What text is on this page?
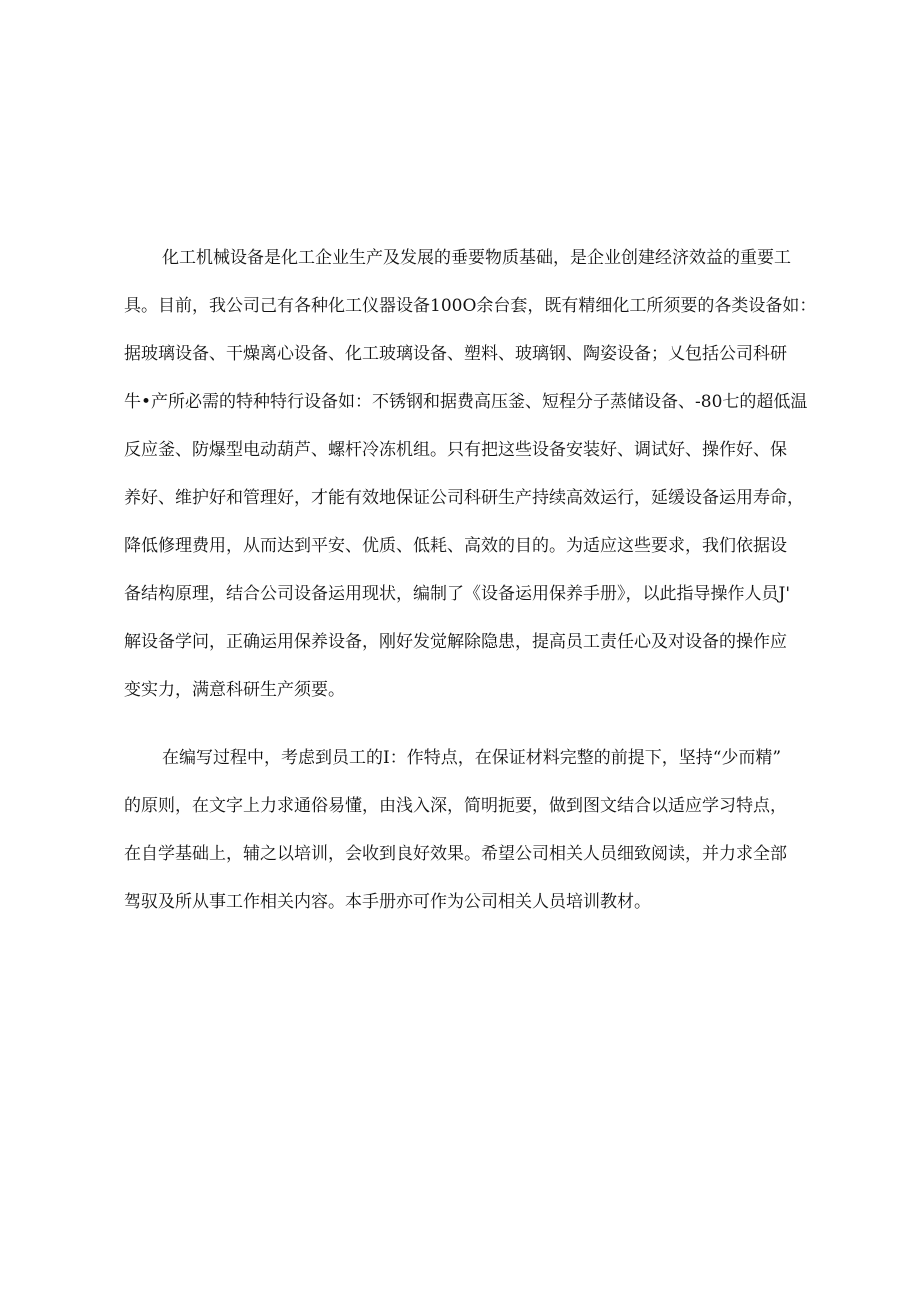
化工机械设备是化工企业生产及发展的垂要物质基础，是企业创建经济效益的重要工
具。目前，我公司己有各种化工仪器设备100O余台套，既有精细化工所须要的各类设备如：
据玻璃设备、干燥离心设备、化工玻璃设备、塑料、玻璃钢、陶姿设备；乂包括公司科研
牛•产所必需的特种特行设备如：不锈钢和据费高压釜、短程分子蒸储设备、-80七的超低温
反应釜、防爆型电动葫芦、螺杆冷冻机组。只有把这些设备安装好、调试好、操作好、保
养好、维护好和管理好，才能有效地保证公司科研生产持续高效运行，延缓设备运用寿命，
降低修理费用，从而达到平安、优质、低耗、高效的目的。为适应这些要求，我们依据设
备结构原理，结合公司设备运用现状，编制了《设备运用保养手册》，以此指导操作人员J'
解设备学问，正确运用保养设备，刚好发觉解除隐患，提高员工责任心及对设备的操作应
变实力，满意科研生产须要。
在编写过程中，考虑到员工的I：作特点，在保证材料完整的前提下，坚持“少而精”
的原则，在文字上力求通俗易懂，由浅入深，简明扼要，做到图文结合以适应学习特点，
在自学基础上，辅之以培训，会收到良好效果。希望公司相关人员细致阅读，并力求全部
驾驭及所从事工作相关内容。本手册亦可作为公司相关人员培训教材。
